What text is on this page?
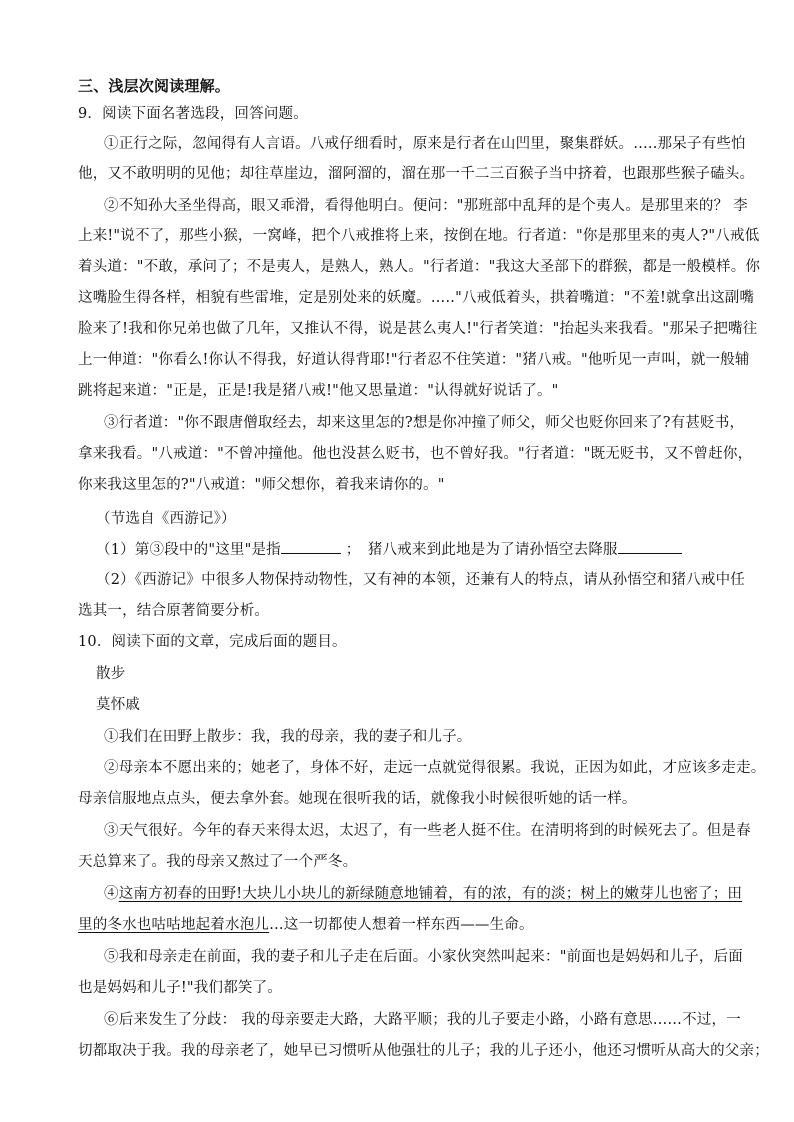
三、浅层次阅读理解。
9．阅读下面名著选段，回答问题。
①正行之际，忽闻得有人言语。八戒仔细看时，原来是行者在山凹里，聚集群妖。…..那呆子有些怕
他，又不敢明明的见他；却往草崖边，溜阿溜的，溜在那一千二三百猴子当中挤着，也跟那些猴子磕头。
②不知孙大圣坐得高，眼又乖滑，看得他明白。便问："那班部中乱拜的是个夷人。是那里来的？ 李
上来!"说不了，那些小猴，一窝峰，把个八戒推将上来，按倒在地。行者道："你是那里来的夷人?"八戒低
着头道："不敢，承问了；不是夷人，是熟人，熟人。"行者道："我这大圣部下的群猴，都是一般模样。你
这嘴脸生得各样，相貌有些雷堆，定是别处来的妖魔。….."八戒低着头，拱着嘴道："不羞!就拿出这副嘴
脸来了!我和你兄弟也做了几年，又推认不得，说是甚么夷人!"行者笑道："抬起头来我看。"那呆子把嘴往
上一伸道："你看么!你认不得我，好道认得背耶!"行者忍不住笑道："猪八戒。"他听见一声叫，就一般辅
跳将起来道："正是，正是!我是猪八戒!"他又思量道："认得就好说话了。"
③行者道："你不跟唐僧取经去，却来这里怎的?想是你冲撞了师父，师父也贬你回来了?有甚贬书，
拿来我看。"八戒道："不曾冲撞他。他也没甚么贬书，也不曾好我。"行者道："既无贬书，又不曾赶你，
你来我这里怎的?"八戒道："师父想你，着我来请你的。"
（节选自《西游记》）
（1）第③段中的"这里"是指	；　猪八戒来到此地是为了请孙悟空去降服
（2）《西游记》中很多人物保持动物性，又有神的本领，还兼有人的特点，请从孙悟空和猪八戒中任
选其一，结合原著简要分析。
10．阅读下面的文章，完成后面的题目。
散步
莫怀戚
①我们在田野上散步：我，我的母亲，我的妻子和儿子。
②母亲本不愿出来的；她老了，身体不好，走远一点就觉得很累。我说，正因为如此，才应该多走走。
母亲信服地点点头，便去拿外套。她现在很听我的话，就像我小时候很听她的话一样。
③天气很好。今年的春天来得太迟，太迟了，有一些老人挺不住。在清明将到的时候死去了。但是春
天总算来了。我的母亲又熬过了一个严冬。
④这南方初春的田野!大块儿小块儿的新绿随意地铺着，有的浓，有的淡；树上的嫩芽儿也密了；田
里的冬水也咕咕地起着水泡儿…这一切都使人想着一样东西——生命。
⑤我和母亲走在前面，我的妻子和儿子走在后面。小家伙突然叫起来："前面也是妈妈和儿子，后面
也是妈妈和儿子!"我们都笑了。
⑥后来发生了分歧： 我的母亲要走大路，大路平顺；我的儿子要走小路，小路有意思……不过，一
切都取决于我。我的母亲老了，她早已习惯听从他强壮的儿子；我的儿子还小，他还习惯听从高大的父亲；
